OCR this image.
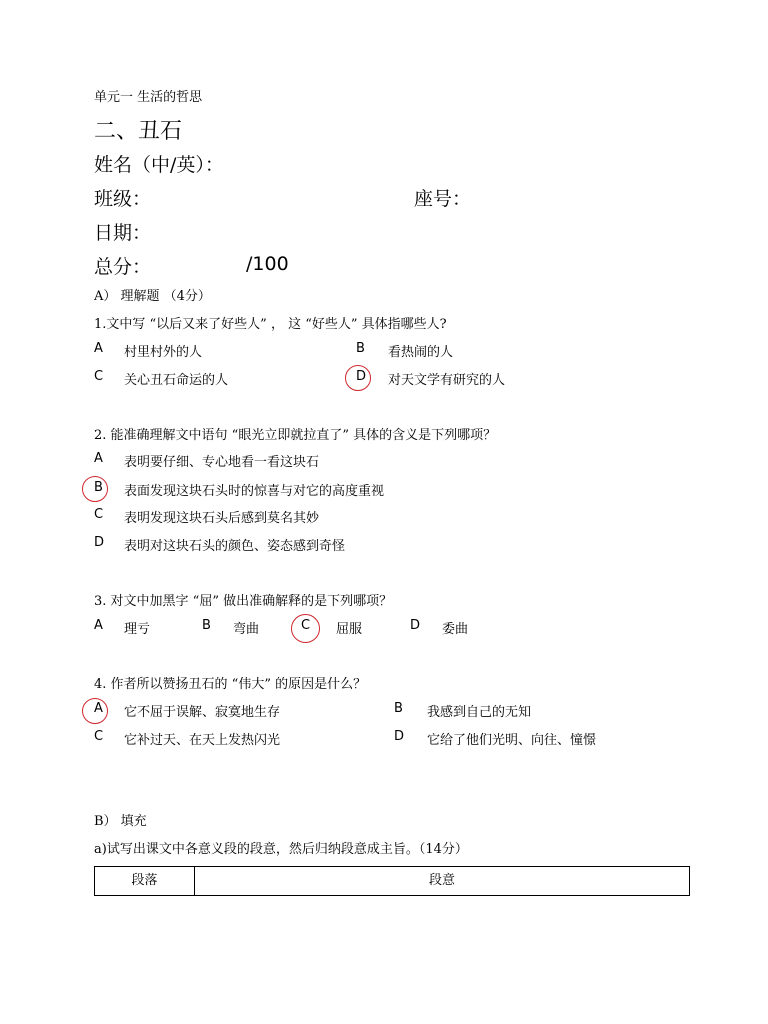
单元一 生活的哲思
二、丑石
姓名（中/英）：
班级：	座号：
日期：
总分：	/100
A） 理解题 （4分）
1.文中写 “以后又来了好些人” ， 这 “好些人” 具体指哪些人?
A 村里村外的人	B 看热闹的人
C 关心丑石命运的人	D 对天文学有研究的人
2. 能准确理解文中语句 “眼光立即就拉直了” 具体的含义是下列哪项？
A 表明要仔细、专心地看一看这块石
B 表面发现这块石头时的惊喜与对它的高度重视
C 表明发现这块石头后感到莫名其妙
D 表明对这块石头的颜色、姿态感到奇怪
3. 对文中加黑字 “屈” 做出准确解释的是下列哪项？
A 理亏	B 弯曲	C 屈服	D 委曲
4. 作者所以赞扬丑石的 “伟大” 的原因是什么？
A 它不屈于误解、寂寞地生存	B 我感到自己的无知
C 它补过天、在天上发热闪光	D 它给了他们光明、向往、憧憬
B） 填充
a)试写出课文中各意义段的段意，然后归纳段意成主旨。（14分）
段落	段意
